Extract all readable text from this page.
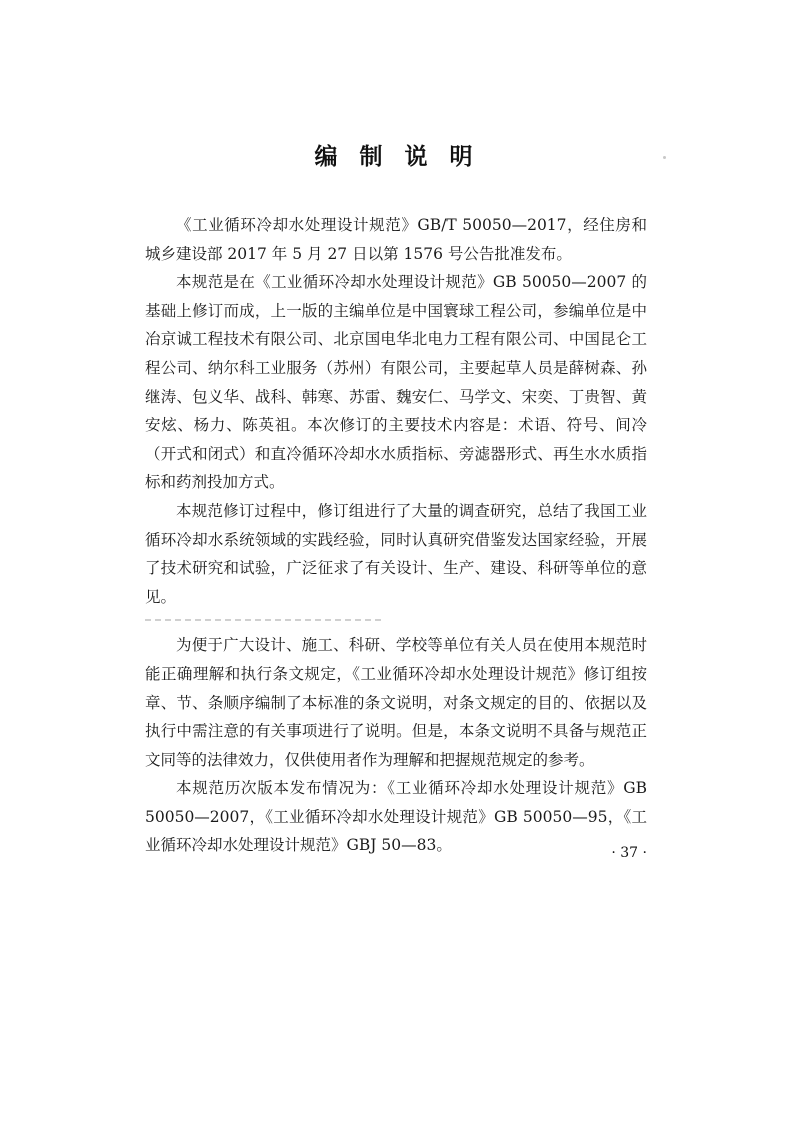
编 制 说 明

《工业循环冷却水处理设计规范》GB/T 50050—2017，经住房和城乡建设部 2017 年 5 月 27 日以第 1576 号公告批准发布。

本规范是在《工业循环冷却水处理设计规范》GB 50050—2007 的基础上修订而成，上一版的主编单位是中国寰球工程公司，参编单位是中冶京诚工程技术有限公司、北京国电华北电力工程有限公司、中国昆仑工程公司、纳尔科工业服务（苏州）有限公司，主要起草人员是薛树森、孙继涛、包义华、战科、韩寒、苏雷、魏安仁、马学文、宋奕、丁贵智、黄安炫、杨力、陈英祖。本次修订的主要技术内容是：术语、符号、间冷（开式和闭式）和直冷循环冷却水水质指标、旁滤器形式、再生水水质指标和药剂投加方式。

本规范修订过程中，修订组进行了大量的调查研究，总结了我国工业循环冷却水系统领域的实践经验，同时认真研究借鉴发达国家经验，开展了技术研究和试验，广泛征求了有关设计、生产、建设、科研等单位的意见。

为便于广大设计、施工、科研、学校等单位有关人员在使用本规范时能正确理解和执行条文规定，《工业循环冷却水处理设计规范》修订组按章、节、条顺序编制了本标准的条文说明，对条文规定的目的、依据以及执行中需注意的有关事项进行了说明。但是，本条文说明不具备与规范正文同等的法律效力，仅供使用者作为理解和把握规范规定的参考。

本规范历次版本发布情况为：《工业循环冷却水处理设计规范》GB 50050—2007，《工业循环冷却水处理设计规范》GB 50050—95，《工业循环冷却水处理设计规范》GBJ 50—83。	· 37 ·
